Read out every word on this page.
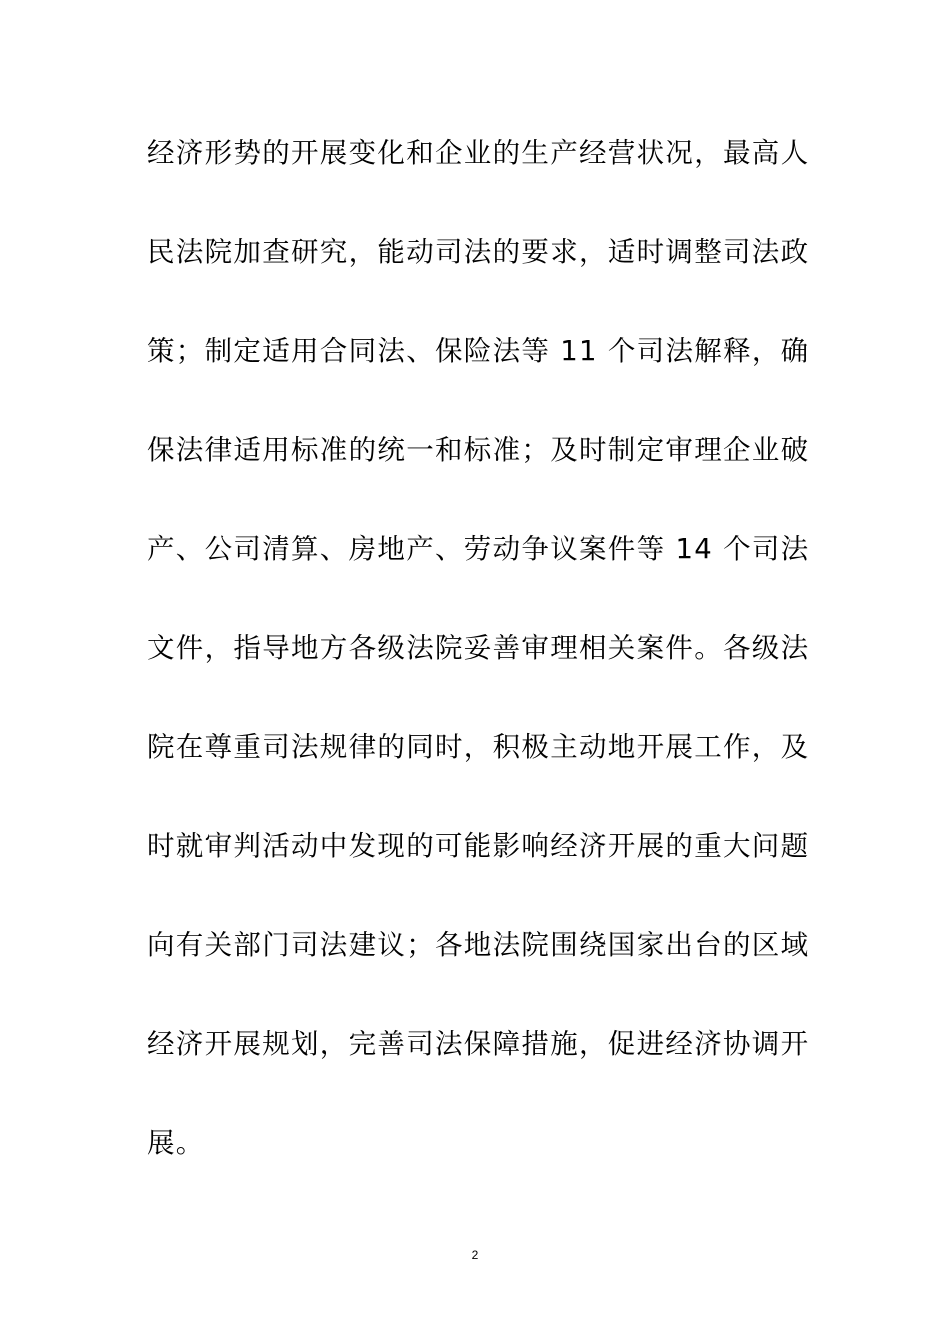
经济形势的开展变化和企业的生产经营状况，最高人
民法院加查研究，能动司法的要求，适时调整司法政
策；制定适用合同法、保险法等 11 个司法解释，确
保法律适用标准的统一和标准；及时制定审理企业破
产、公司清算、房地产、劳动争议案件等 14 个司法
文件，指导地方各级法院妥善审理相关案件。各级法
院在尊重司法规律的同时，积极主动地开展工作，及
时就审判活动中发现的可能影响经济开展的重大问题
向有关部门司法建议；各地法院围绕国家出台的区域
经济开展规划，完善司法保障措施，促进经济协调开
展。
2
